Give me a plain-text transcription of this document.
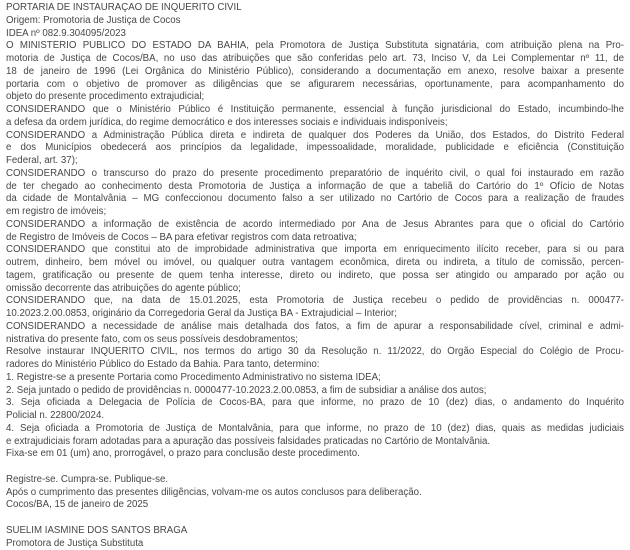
PORTARIA DE INSTAURAÇÃO DE INQUÉRITO CIVIL
Origem: Promotoria de Justiça de Cocos
IDEA nº 082.9.304095/2023
O MINISTÉRIO PÚBLICO DO ESTADO DA BAHIA, pela Promotora de Justiça Substituta signatária, com atribuição plena na Pro-
motoria de Justiça de Cocos/BA, no uso das atribuições que são conferidas pelo art. 73, Inciso V, da Lei Complementar nº 11, de
18 de janeiro de 1996 (Lei Orgânica do Ministério Público), considerando a documentação em anexo, resolve baixar a presente
portaria com o objetivo de promover as diligências que se afigurarem necessárias, oportunamente, para acompanhamento do
objeto do presente procedimento extrajudicial;
CONSIDERANDO que o Ministério Público é Instituição permanente, essencial à função jurisdicional do Estado, incumbindo-lhe
a defesa da ordem jurídica, do regime democrático e dos interesses sociais e individuais indisponíveis;
CONSIDERANDO a Administração Pública direta e indireta de qualquer dos Poderes da União, dos Estados, do Distrito Federal
e dos Municípios obedecerá aos princípios da legalidade, impessoalidade, moralidade, publicidade e eficiência (Constituição
Federal, art. 37);
CONSIDERANDO o transcurso do prazo do presente procedimento preparatório de inquérito civil, o qual foi instaurado em razão
de ter chegado ao conhecimento desta Promotoria de Justiça a informação de que a tabeliã do Cartório do 1º Ofício de Notas
da cidade de Montalvânia – MG confeccionou documento falso a ser utilizado no Cartório de Cocos para a realização de fraudes
em registro de imóveis;
CONSIDERANDO a informação de existência de acordo intermediado por Ana de Jesus Abrantes para que o oficial do Cartório
de Registro de Imóveis de Cocos – BA para efetivar registros com data retroativa;
CONSIDERANDO que constitui ato de improbidade administrativa que importa em enriquecimento ilícito receber, para si ou para
outrem, dinheiro, bem móvel ou imóvel, ou qualquer outra vantagem econômica, direta ou indireta, a título de comissão, percen-
tagem, gratificação ou presente de quem tenha interesse, direto ou indireto, que possa ser atingido ou amparado por ação ou
omissão decorrente das atribuições do agente público;
CONSIDERANDO que, na data de 15.01.2025, esta Promotoria de Justiça recebeu o pedido de providências n. 000477-
10.2023.2.00.0853, originário da Corregedoria Geral da Justiça BA - Extrajudicial – Interior;
CONSIDERANDO a necessidade de análise mais detalhada dos fatos, a fim de apurar a responsabilidade cível, criminal e admi-
nistrativa do presente fato, com os seus possíveis desdobramentos;
Resolve instaurar INQUÉRITO CIVIL, nos termos do artigo 30 da Resolução n. 11/2022, do Órgão Especial do Colégio de Procu-
radores do Ministério Público do Estado da Bahia. Para tanto, determino:
1. Registre-se a presente Portaria como Procedimento Administrativo no sistema IDEA;
2. Seja juntado o pedido de providências n. 0000477-10.2023.2.00.0853, a fim de subsidiar a análise dos autos;
3. Seja oficiada a Delegacia de Polícia de Cocos-BA, para que informe, no prazo de 10 (dez) dias, o andamento do Inquérito
Policial n. 22800/2024.
4. Seja oficiada a Promotoria de Justiça de Montalvânia, para que informe, no prazo de 10 (dez) dias, quais as medidas judiciais
e extrajudiciais foram adotadas para a apuração das possíveis falsidades praticadas no Cartório de Montalvânia.
Fixa-se em 01 (um) ano, prorrogável, o prazo para conclusão deste procedimento.
Registre-se. Cumpra-se. Publique-se.
Após o cumprimento das presentes diligências, volvam-me os autos conclusos para deliberação.
Cocos/BA, 15 de janeiro de 2025
SUELIM IASMINE DOS SANTOS BRAGA
Promotora de Justiça Substituta
